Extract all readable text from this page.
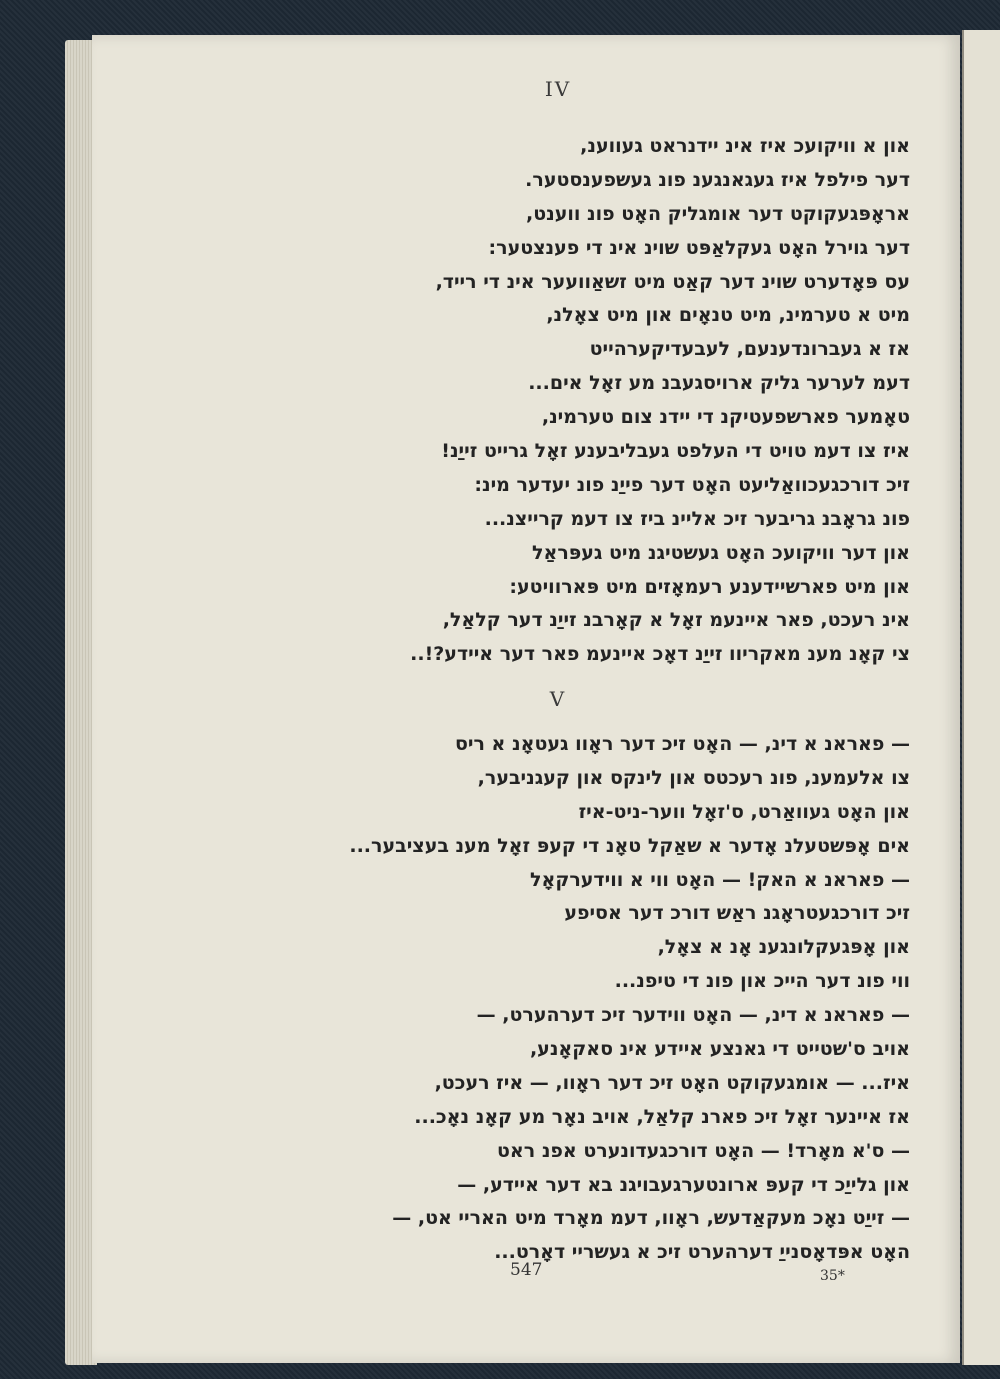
IV
און א וויקועכ איז אינ יידנראט געווענ,
דער פילפל איז געגאנגענ פונ געשפענסטער.
אראָפּגעקוקט דער אומגליק האָט פונ ווענט,
דער גוירל האָט געקלאַפּט שוינ אינ די פענצטער:
עס פּאָדערט שוינ דער קאַט מיט זשאַוועער אינ די רייד,
מיט א טערמינ, מיט טנאָים און מיט צאָלנ,
אז א געברונדענעם, לעבעדיקערהייט
דעמ לערער גליק ארויסגעבנ מע זאָל אים...
טאָמער פארשפעטיקנ די יידנ צום טערמינ,
איז צו דעמ טויט די העלפט געבליבענע זאָל גרייט זייַנ!
זיכ דורכגעכוואַליעט האָט דער פייַנ פונ יעדער מינ:
פונ גראָבנ גריבער זיכ אליינ ביז צו דעמ קרייצנ...
און דער וויקועכ האָט געשטיגנ מיט געפּראַל
און מיט פארשיידענע רעמאָזים מיט פּארוויטע:
אינ רעכט, פאר איינעמ זאָל א קאָרבנ זייַנ דער קלאַל,
צי קאָנ מענ מאקריוו זייַנ דאָכ איינעמ פאר דער איידע?!..
V
— פאראנ א דינ, — האָט זיכ דער ראָוו געטאָנ א ריס
צו אלעמענ, פונ רעכטס און לינקס און קעגניבער,
און האָט געוואַרט, ס'זאָל ווער-ניט-איז
אים אָפּשטעלנ אָדער א שאַקל טאָנ די קעפּ זאָל מענ בעציבער...
— פאראנ א האק! — האָט ווי א ווידערקאָל
זיכ דורכגעטראָגנ ראַש דורכ דער אסיפע
און אָפּגעקלונגענ אָנ א צאָל,
ווי פונ דער הייכ און פונ די טיפנ...
— פאראנ א דינ, — האָט ווידער זיכ דערהערט, —
אויב ס'שטייט די גאנצע איידע אינ סאקאָנע,
איז... — אומגעקוקט האָט זיכ דער ראָוו, — איז רעכט,
אז איינער זאָל זיכ פארנ קלאַל, אויב נאָר מע קאָנ נאָכ...
— ס'א מאָרד! — האָט דורכגעדונערט אפנ ראט
און גלייַכ די קעפּ ארונטערגעבויגנ בא דער איידע, —
— זייַט נאָכ מעקאַדעש, ראָוו, דעמ מאָרד מיט האריי אט, —
האָט אפּדאָסנייַ דערהערט זיכ א געשריי דאָרט...
547	35*
